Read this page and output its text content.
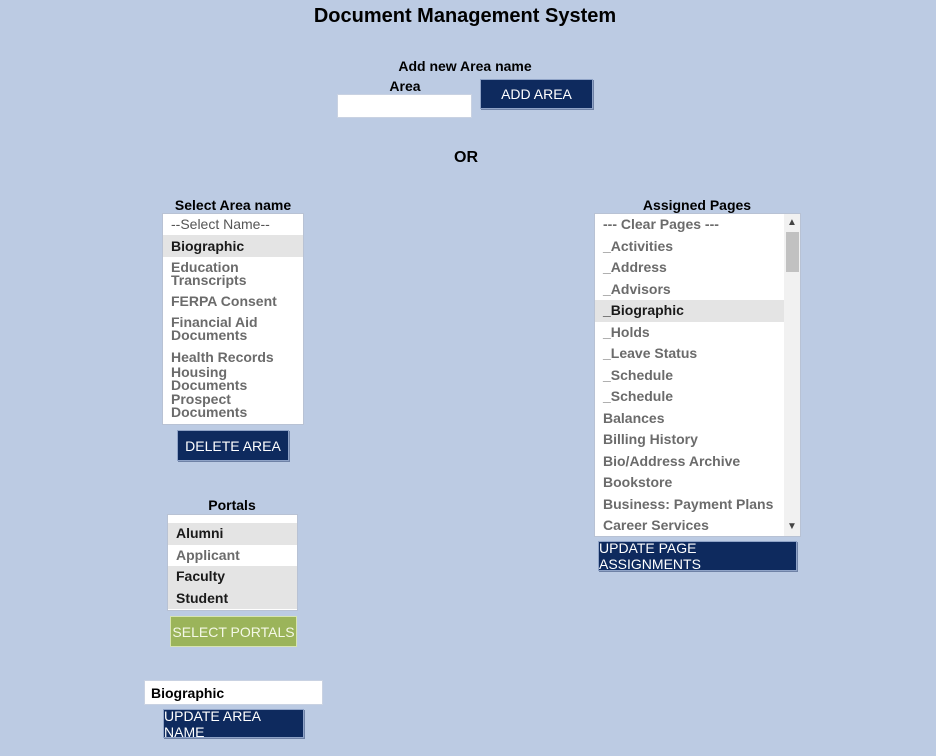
Document Management System
Add new Area name
Area	ADD AREA
OR
Select Area name
--Select Name--
Biographic
Education Transcripts
FERPA Consent
Financial Aid Documents
Health Records
Housing Documents
Prospect Documents
DELETE AREA
Portals
Alumni
Applicant
Faculty
Student
SELECT PORTALS
Biographic
UPDATE AREA NAME
Assigned Pages
--- Clear Pages ---
_Activities
_Address
_Advisors
_Biographic
_Holds
_Leave Status
_Schedule
_Schedule
Balances
Billing History
Bio/Address Archive
Bookstore
Business: Payment Plans
Career Services
▲
▼
UPDATE PAGE ASSIGNMENTS
